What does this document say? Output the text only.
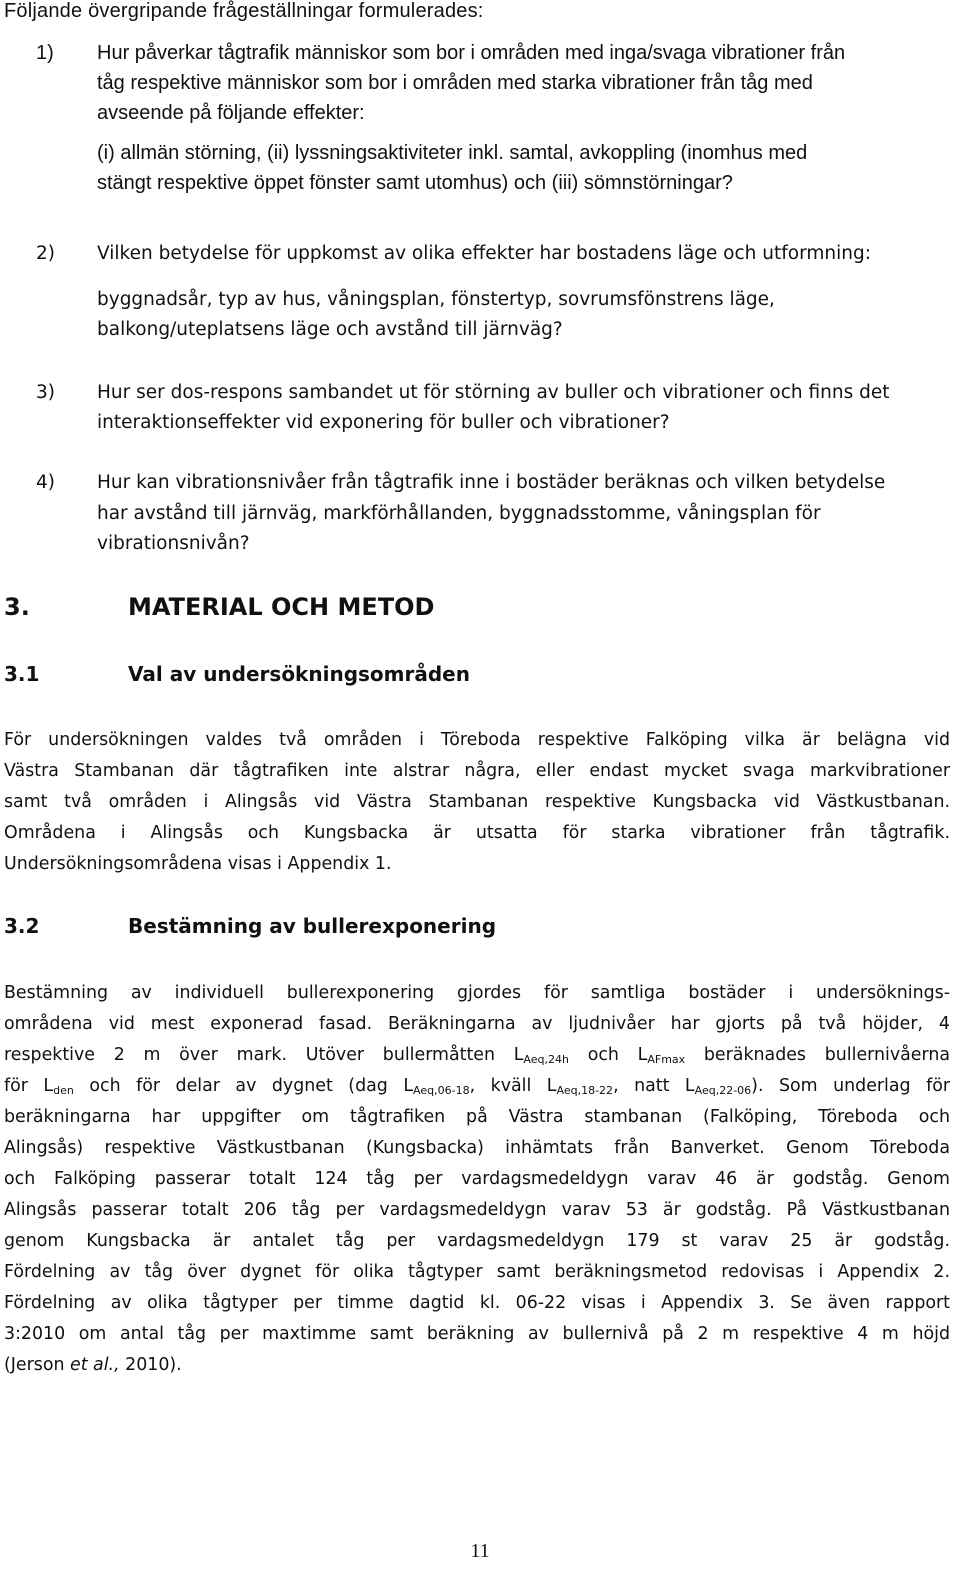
Följande övergripande frågeställningar formulerades:

1) Hur påverkar tågtrafik människor som bor i områden med inga/svaga vibrationer från
tåg respektive människor som bor i områden med starka vibrationer från tåg med
avseende på följande effekter:
(i) allmän störning, (ii) lyssningsaktiviteter inkl. samtal, avkoppling (inomhus med
stängt respektive öppet fönster samt utomhus) och (iii) sömnstörningar?
2) Vilken betydelse för uppkomst av olika effekter har bostadens läge och utformning:
byggnadsår, typ av hus, våningsplan, fönstertyp, sovrumsfönstrens läge,
balkong/uteplatsens läge och avstånd till järnväg?
3) Hur ser dos-respons sambandet ut för störning av buller och vibrationer och finns det
interaktionseffekter vid exponering för buller och vibrationer?
4) Hur kan vibrationsnivåer från tågtrafik inne i bostäder beräknas och vilken betydelse
har avstånd till järnväg, markförhållanden, byggnadsstomme, våningsplan för
vibrationsnivån?
3.	MATERIAL OCH METOD
3.1	Val av undersökningsområden
För undersökningen valdes två områden i Töreboda respektive Falköping vilka är belägna vid
Västra Stambanan där tågtrafiken inte alstrar några, eller endast mycket svaga markvibrationer
samt två områden i Alingsås vid Västra Stambanan respektive Kungsbacka vid Västkustbanan.
Områdena i Alingsås och Kungsbacka är utsatta för starka vibrationer från tågtrafik.
Undersökningsområdena visas i Appendix 1.
3.2	Bestämning av bullerexponering
Bestämning av individuell bullerexponering gjordes för samtliga bostäder i undersöknings-
områdena vid mest exponerad fasad. Beräkningarna av ljudnivåer har gjorts på två höjder, 4
respektive 2 m över mark. Utöver bullermåtten $L_{Aeq,24h}$ och $L_{AFmax}$ beräknades bullernivåerna
för $L_{den}$ och för delar av dygnet (dag $L_{Aeq,06-18}$, kväll $L_{Aeq,18-22}$, natt $L_{Aeq,22-06}$). Som underlag för
beräkningarna har uppgifter om tågtrafiken på Västra stambanan (Falköping, Töreboda och
Alingsås) respektive Västkustbanan (Kungsbacka) inhämtats från Banverket. Genom Töreboda
och Falköping passerar totalt 124 tåg per vardagsmedeldygn varav 46 är godståg. Genom
Alingsås passerar totalt 206 tåg per vardagsmedeldygn varav 53 är godståg. På Västkustbanan
genom Kungsbacka är antalet tåg per vardagsmedeldygn 179 st varav 25 är godståg.
Fördelning av tåg över dygnet för olika tågtyper samt beräkningsmetod redovisas i Appendix 2.
Fördelning av olika tågtyper per timme dagtid kl. 06-22 visas i Appendix 3. Se även rapport
3:2010 om antal tåg per maxtimme samt beräkning av bullernivå på 2 m respektive 4 m höjd
(Jerson et al., 2010).
11
